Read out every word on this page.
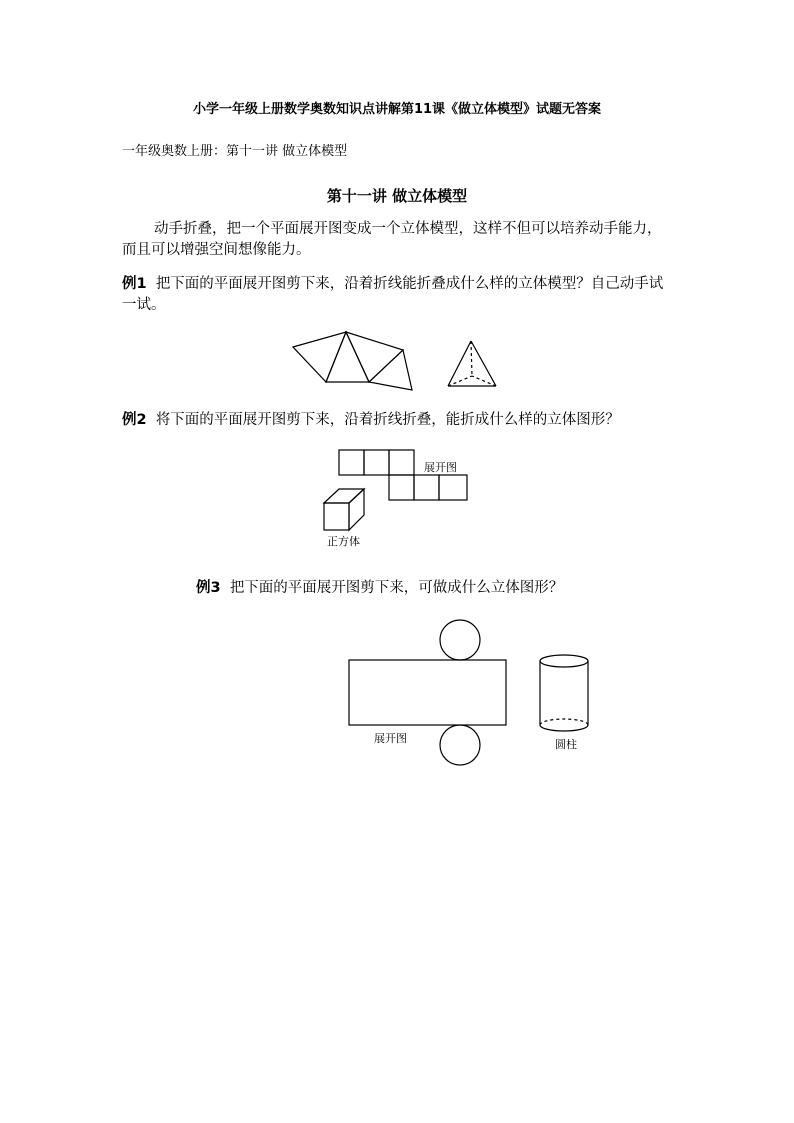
小学一年级上册数学奥数知识点讲解第11课《做立体模型》试题无答案
一年级奥数上册：第十一讲 做立体模型
第十一讲 做立体模型
动手折叠，把一个平面展开图变成一个立体模型，这样不但可以培养动手能力，而且可以增强空间想像能力。
例1 把下面的平面展开图剪下来，沿着折线能折叠成什么样的立体模型？自己动手试一试。
展开图
正方体
展开图	圆柱
例2 将下面的平面展开图剪下来，沿着折线折叠，能折成什么样的立体图形？
例3 把下面的平面展开图剪下来，可做成什么立体图形？
